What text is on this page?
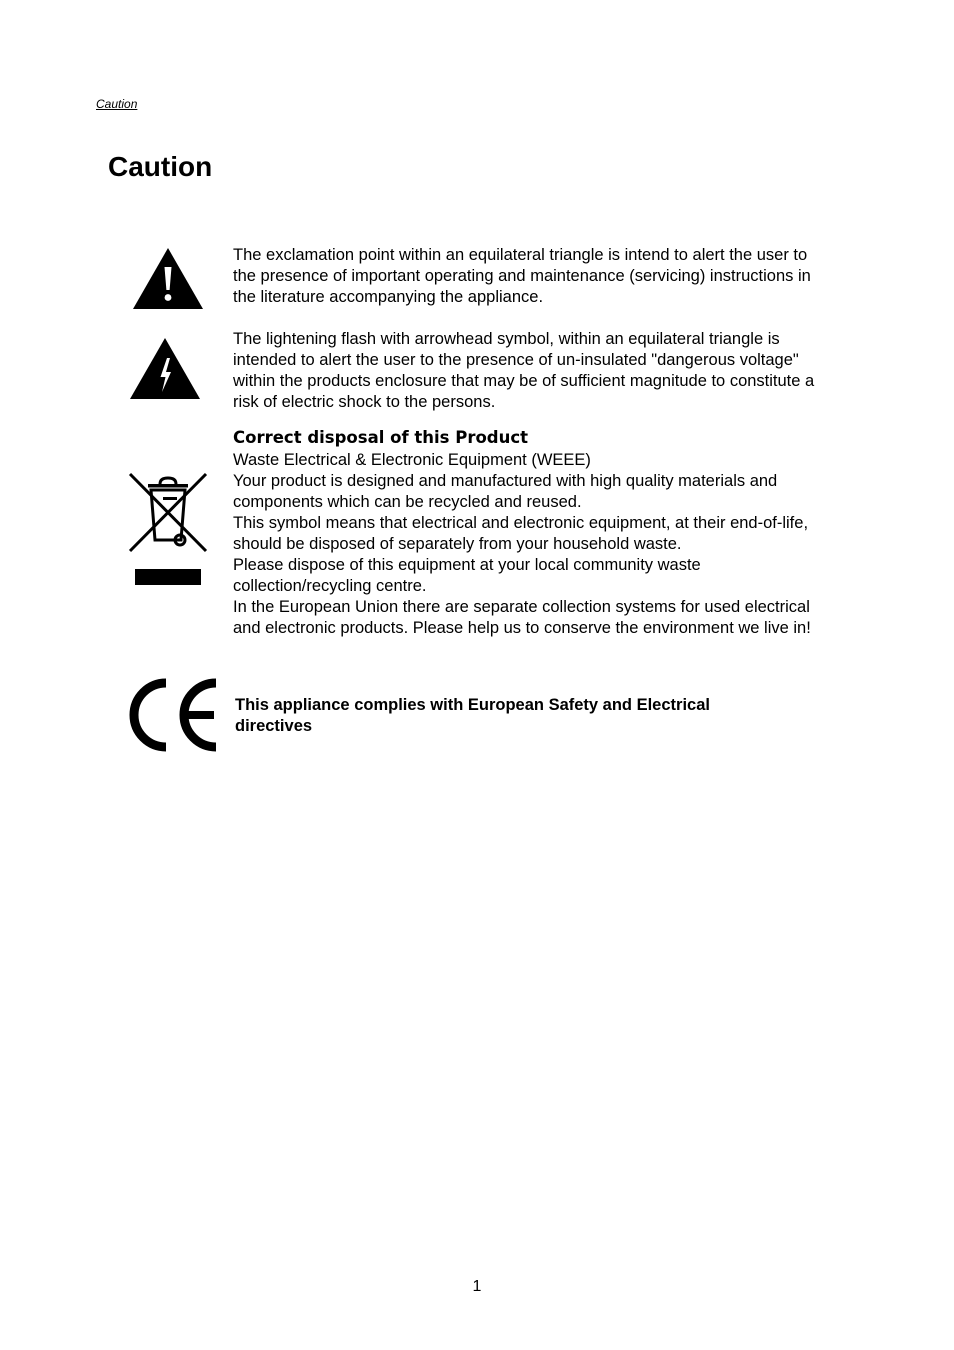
Caution
Caution

The exclamation point within an equilateral triangle is intend to alert the user to
the presence of important operating and maintenance (servicing) instructions in
the literature accompanying the appliance.

The lightening flash with arrowhead symbol, within an equilateral triangle is
intended to alert the user to the presence of un-insulated "dangerous voltage"
within the products enclosure that may be of sufficient magnitude to constitute a
risk of electric shock to the persons.

Correct disposal of this Product

Waste Electrical & Electronic Equipment (WEEE)
Your product is designed and manufactured with high quality materials and
components which can be recycled and reused.
This symbol means that electrical and electronic equipment, at their end-of-life,
should be disposed of separately from your household waste.
Please dispose of this equipment at your local community waste
collection/recycling centre.
In the European Union there are separate collection systems for used electrical
and electronic products. Please help us to conserve the environment we live in!

This appliance complies with European Safety and Electrical
directives

1
